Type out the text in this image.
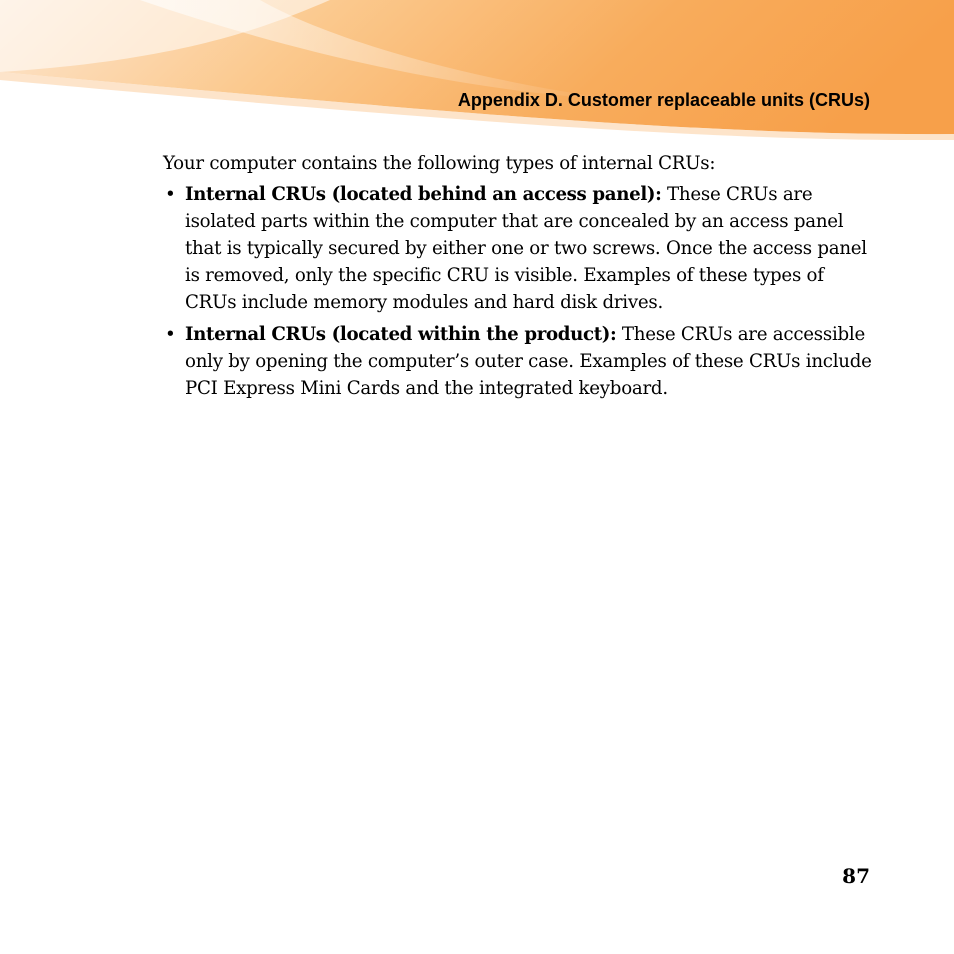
Appendix D. Customer replaceable units (CRUs)

Your computer contains the following types of internal CRUs:

• Internal CRUs (located behind an access panel): These CRUs are isolated parts within the computer that are concealed by an access panel that is typically secured by either one or two screws. Once the access panel is removed, only the specific CRU is visible. Examples of these types of CRUs include memory modules and hard disk drives.
• Internal CRUs (located within the product): These CRUs are accessible only by opening the computer’s outer case. Examples of these CRUs include PCI Express Mini Cards and the integrated keyboard.
87
